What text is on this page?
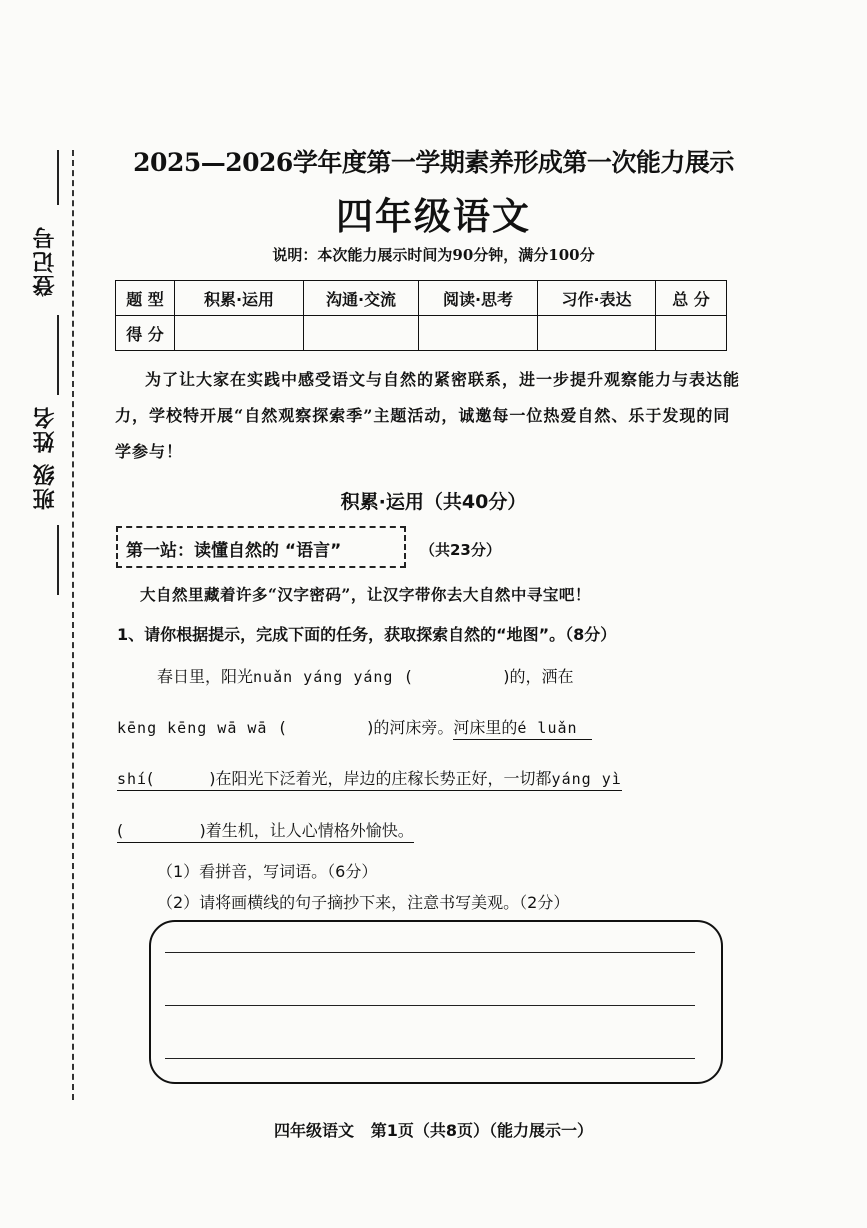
登记号
姓名
班级
2025—2026学年度第一学期素养形成第一次能力展示
四年级语文
说明：本次能力展示时间为90分钟，满分100分
题 型	积累·运用	沟通·交流	阅读·思考	习作·表达	总 分
得 分					
为了让大家在实践中感受语文与自然的紧密联系，进一步提升观察能力与表达能力，学校特开展“自然观察探索季”主题活动，诚邀每一位热爱自然、乐于发现的同学参与！
积累·运用（共40分）
第一站：读懂自然的 “语言”	（共23分）
大自然里藏着许多“汉字密码”，让汉字带你去大自然中寻宝吧！
1、请你根据提示，完成下面的任务，获取探索自然的“地图”。（8分）
春日里，阳光nuǎn yáng yáng (                  )的，洒在
kēng kēng wā wā (                )的河床旁。河床里的é luǎn
shí(           )在阳光下泛着光，岸边的庄稼长势正好，一切都yáng yì
(               )着生机，让人心情格外愉快。
（1）看拼音，写词语。（6分）
（2）请将画横线的句子摘抄下来，注意书写美观。（2分）
四年级语文   第1页（共8页）（能力展示一）
